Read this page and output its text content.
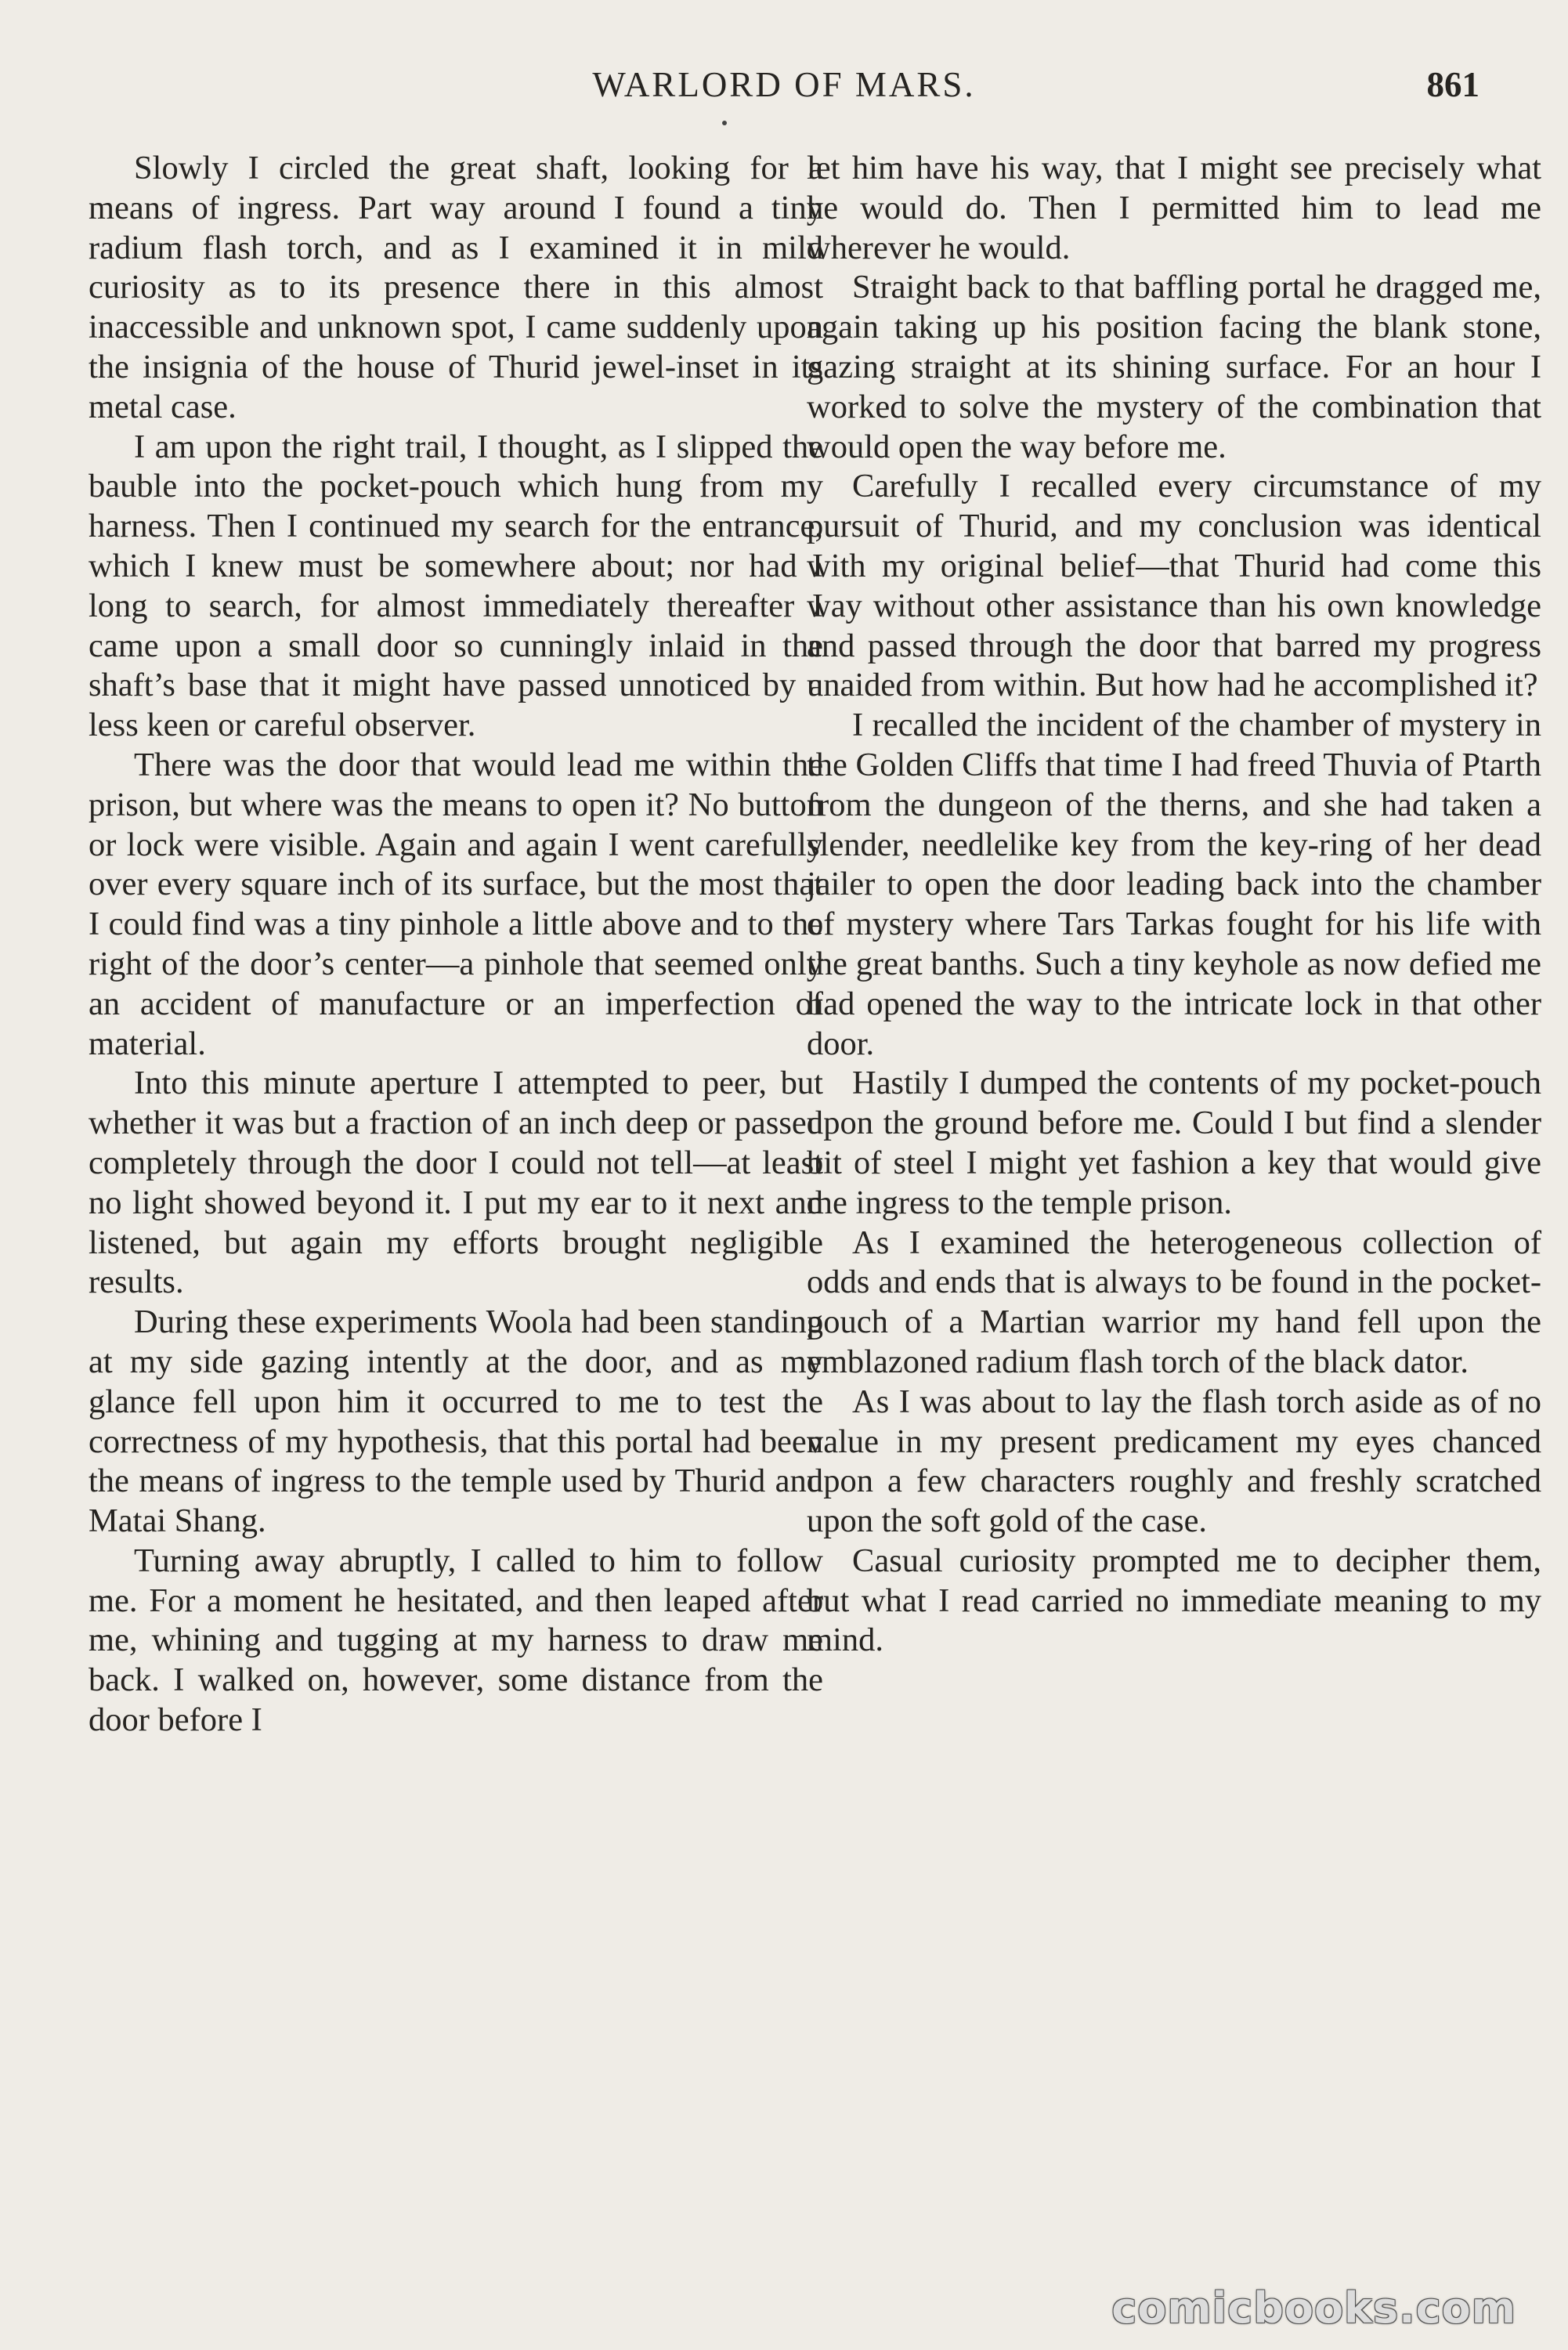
WARLORD OF MARS.	861

Slowly I circled the great shaft, looking for a means of ingress. Part way around I found a tiny radium flash torch, and as I examined it in mild curiosity as to its presence there in this almost inaccessible and unknown spot, I came suddenly upon the insignia of the house of Thurid jewel-inset in its metal case.

I am upon the right trail, I thought, as I slipped the bauble into the pocket-pouch which hung from my harness. Then I continued my search for the entrance, which I knew must be somewhere about; nor had I long to search, for almost immediately thereafter I came upon a small door so cunningly inlaid in the shaft’s base that it might have passed unnoticed by a less keen or careful observer.

There was the door that would lead me within the prison, but where was the means to open it? No button or lock were visible. Again and again I went carefully over every square inch of its surface, but the most that I could find was a tiny pinhole a little above and to the right of the door’s center—a pinhole that seemed only an accident of manufacture or an imperfection of material.

Into this minute aperture I attempted to peer, but whether it was but a fraction of an inch deep or passed completely through the door I could not tell—at least no light showed beyond it. I put my ear to it next and listened, but again my efforts brought negligible results.

During these experiments Woola had been standing at my side gazing intently at the door, and as my glance fell upon him it occurred to me to test the correctness of my hypothesis, that this portal had been the means of ingress to the temple used by Thurid and Matai Shang.

Turning away abruptly, I called to him to follow me. For a moment he hesitated, and then leaped after me, whining and tugging at my harness to draw me back. I walked on, however, some distance from the door before I

let him have his way, that I might see precisely what he would do. Then I permitted him to lead me wherever he would.

Straight back to that baffling portal he dragged me, again taking up his position facing the blank stone, gazing straight at its shining surface. For an hour I worked to solve the mystery of the combination that would open the way before me.

Carefully I recalled every circumstance of my pursuit of Thurid, and my conclusion was identical with my original belief—that Thurid had come this way without other assistance than his own knowledge and passed through the door that barred my progress unaided from within. But how had he accomplished it?

I recalled the incident of the chamber of mystery in the Golden Cliffs that time I had freed Thuvia of Ptarth from the dungeon of the therns, and she had taken a slender, needlelike key from the key-ring of her dead jailer to open the door leading back into the chamber of mystery where Tars Tarkas fought for his life with the great banths. Such a tiny keyhole as now defied me had opened the way to the intricate lock in that other door.

Hastily I dumped the contents of my pocket-pouch upon the ground before me. Could I but find a slender bit of steel I might yet fashion a key that would give me ingress to the temple prison.

As I examined the heterogeneous collection of odds and ends that is always to be found in the pocket-pouch of a Martian warrior my hand fell upon the emblazoned radium flash torch of the black dator.

As I was about to lay the flash torch aside as of no value in my present predicament my eyes chanced upon a few characters roughly and freshly scratched upon the soft gold of the case.

Casual curiosity prompted me to decipher them, but what I read carried no immediate meaning to my mind.

comicbooks.com
